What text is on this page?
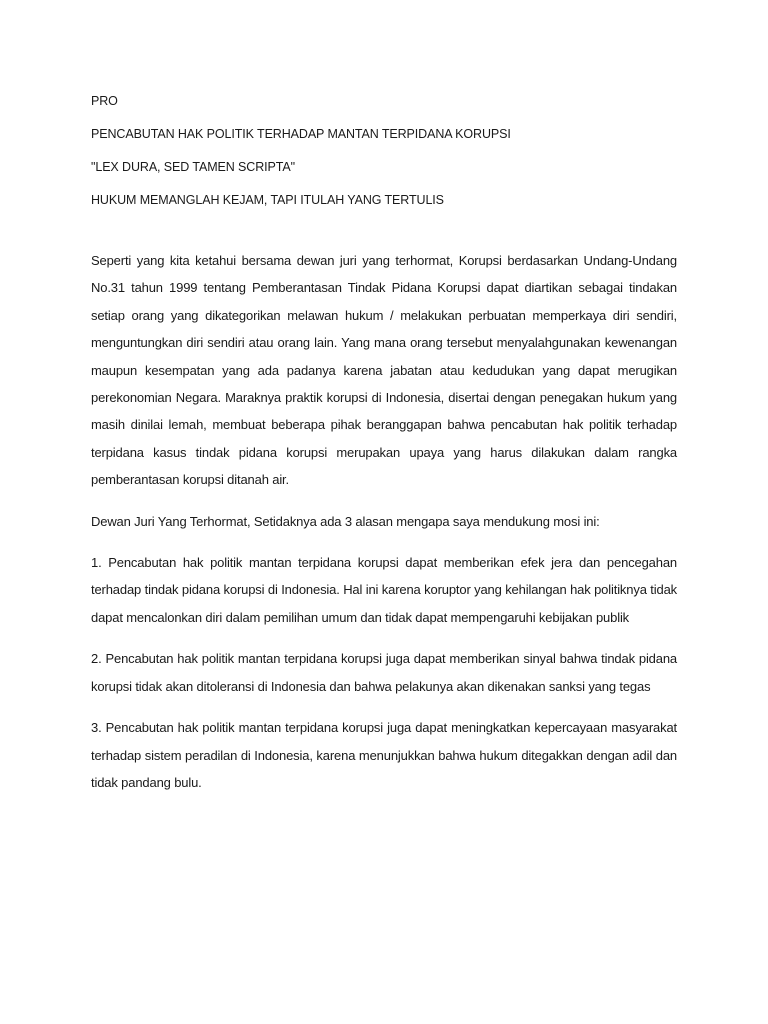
PRO

PENCABUTAN HAK POLITIK TERHADAP MANTAN TERPIDANA KORUPSI

"LEX DURA, SED TAMEN SCRIPTA"

HUKUM MEMANGLAH KEJAM, TAPI ITULAH YANG TERTULIS

Seperti yang kita ketahui bersama dewan juri yang terhormat, Korupsi berdasarkan Undang-Undang No.31 tahun 1999 tentang Pemberantasan Tindak Pidana Korupsi dapat diartikan sebagai tindakan setiap orang yang dikategorikan melawan hukum / melakukan perbuatan memperkaya diri sendiri, menguntungkan diri sendiri atau orang lain. Yang mana orang tersebut menyalahgunakan kewenangan maupun kesempatan yang ada padanya karena jabatan atau kedudukan yang dapat merugikan perekonomian Negara. Maraknya praktik korupsi di Indonesia, disertai dengan penegakan hukum yang masih dinilai lemah, membuat beberapa pihak beranggapan bahwa pencabutan hak politik terhadap terpidana kasus tindak pidana korupsi merupakan upaya yang harus dilakukan dalam rangka pemberantasan korupsi ditanah air.

Dewan Juri Yang Terhormat, Setidaknya ada 3 alasan mengapa saya mendukung mosi ini:

1. Pencabutan hak politik mantan terpidana korupsi dapat memberikan efek jera dan pencegahan terhadap tindak pidana korupsi di Indonesia. Hal ini karena koruptor yang kehilangan hak politiknya tidak dapat mencalonkan diri dalam pemilihan umum dan tidak dapat mempengaruhi kebijakan publik

2. Pencabutan hak politik mantan terpidana korupsi juga dapat memberikan sinyal bahwa tindak pidana korupsi tidak akan ditoleransi di Indonesia dan bahwa pelakunya akan dikenakan sanksi yang tegas

3. Pencabutan hak politik mantan terpidana korupsi juga dapat meningkatkan kepercayaan masyarakat terhadap sistem peradilan di Indonesia, karena menunjukkan bahwa hukum ditegakkan dengan adil dan tidak pandang bulu.
